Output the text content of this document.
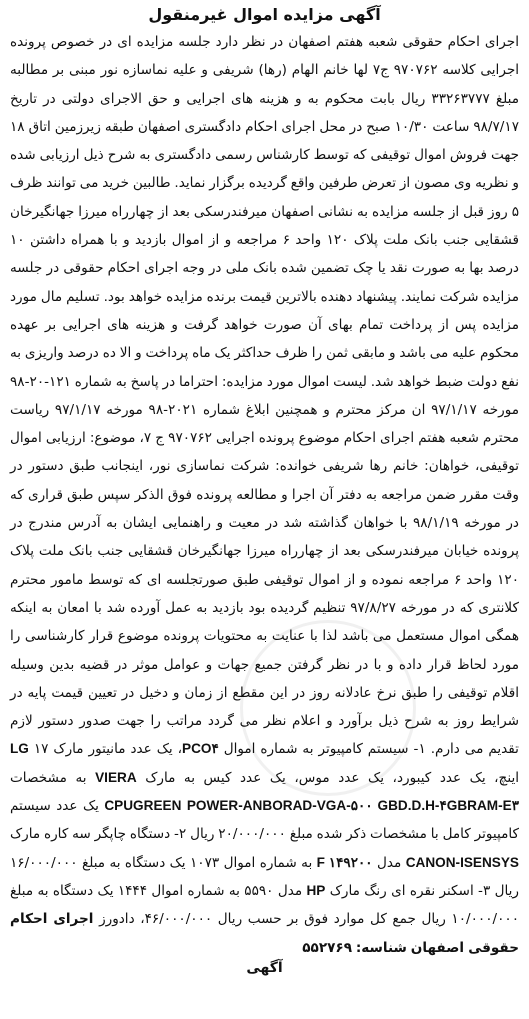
آگهی مزایده اموال غیرمنقول

اجرای احکام حقوقی شعبه هفتم اصفهان در نظر دارد جلسه مزایده ای در خصوص پرونده اجرایی کلاسه ۹۷۰۷۶۲ ج۷ لها خانم الهام (رها) شریفی و علیه نماسازه نور مبنی بر مطالبه مبلغ ۳۳۲۶۳۷۷۷ ریال بابت محکوم به و هزینه های اجرایی و حق الاجرای دولتی در تاریخ ۹۸/۷/۱۷ ساعت ۱۰/۳۰ صبح در محل اجرای احکام دادگستری اصفهان طبقه زیرزمین اتاق ۱۸ جهت فروش اموال توقیفی که توسط کارشناس رسمی دادگستری به شرح ذیل ارزیابی شده و نظریه وی مصون از تعرض طرفین واقع گردیده برگزار نماید. طالبین خرید می توانند ظرف ۵ روز قبل از جلسه مزایده به نشانی اصفهان میرفندرسکی بعد از چهارراه میرزا جهانگیرخان قشقایی جنب بانک ملت پلاک ۱۲۰ واحد ۶ مراجعه و از اموال بازدید و با همراه داشتن ۱۰ درصد بها به صورت نقد یا چک تضمین شده بانک ملی در وجه اجرای احکام حقوقی در جلسه مزایده شرکت نمایند. پیشنهاد دهنده بالاترین قیمت برنده مزایده خواهد بود. تسلیم مال مورد مزایده پس از پرداخت تمام بهای آن صورت خواهد گرفت و هزینه های اجرایی بر عهده محکوم علیه می باشد و مابقی ثمن را ظرف حداکثر یک ماه پرداخت و الا ده درصد واریزی به نفع دولت ضبط خواهد شد. لیست اموال مورد مزایده: احتراما در پاسخ به شماره ۱۲۱-۲۰-۹۸ مورخه ۹۷/۱/۱۷ ان مرکز محترم و همچنین ابلاغ شماره ۲۰۲۱-۹۸ مورخه ۹۷/۱/۱۷ ریاست محترم شعبه هفتم اجرای احکام موضوع پرونده اجرایی ۹۷۰۷۶۲ ج ۷، موضوع: ارزیابی اموال توقیفی، خواهان: خانم رها شریفی خوانده: شرکت نماسازی نور، اینجانب طبق دستور در وقت مقرر ضمن مراجعه به دفتر آن اجرا و مطالعه پرونده فوق الذکر سپس طبق قراری که در مورخه ۹۸/۱/۱۹ با خواهان گذاشته شد در معیت و راهنمایی ایشان به آدرس مندرج در پرونده خیابان میرفندرسکی بعد از چهارراه میرزا جهانگیرخان قشقایی جنب بانک ملت پلاک ۱۲۰ واحد ۶ مراجعه نموده و از اموال توقیفی طبق صورتجلسه ای که توسط مامور محترم کلانتری که در مورخه ۹۷/۸/۲۷ تنظیم گردیده بود بازدید به عمل آورده شد با امعان به اینکه همگی اموال مستعمل می باشد لذا با عنایت به محتویات پرونده موضوع قرار کارشناسی را مورد لحاظ قرار داده و با در نظر گرفتن جمیع جهات و عوامل موثر در قضیه بدین وسیله اقلام توقیفی را طبق نرخ عادلانه روز در این مقطع از زمان و دخیل در تعیین قیمت پایه در شرایط روز به شرح ذیل برآورد و اعلام نظر می گردد مراتب را جهت صدور دستور لازم تقدیم می دارم. ۱- سیستم کامپیوتر به شماره اموال PCO۴، یک عدد مانیتور مارک LG ۱۷ اینچ، یک عدد کیبورد، یک عدد موس، یک عدد کیس به مارک VIERA به مشخصات CPUGREEN POWER-ANBORAD-VGA-۵۰۰ GBD.D.H-۴GBRAM-E۳ یک عدد سیستم کامپیوتر کامل با مشخصات ذکر شده مبلغ ۲۰/۰۰۰/۰۰۰ ریال ۲- دستگاه چاپگر سه کاره مارک CANON-ISENSYS مدل F ۱۴۹۲۰۰ به شماره اموال ۱۰۷۳ یک دستگاه به مبلغ ۱۶/۰۰۰/۰۰۰ ریال ۳- اسکنر نقره ای رنگ مارک HP مدل ۵۵۹۰ به شماره اموال ۱۴۴۴ یک دستگاه به مبلغ ۱۰/۰۰۰/۰۰۰ ریال جمع کل موارد فوق بر حسب ریال ۴۶/۰۰۰/۰۰۰، دادورز اجرای احکام حقوقی اصفهان شناسه: ۵۵۲۷۶۹

آگهی
